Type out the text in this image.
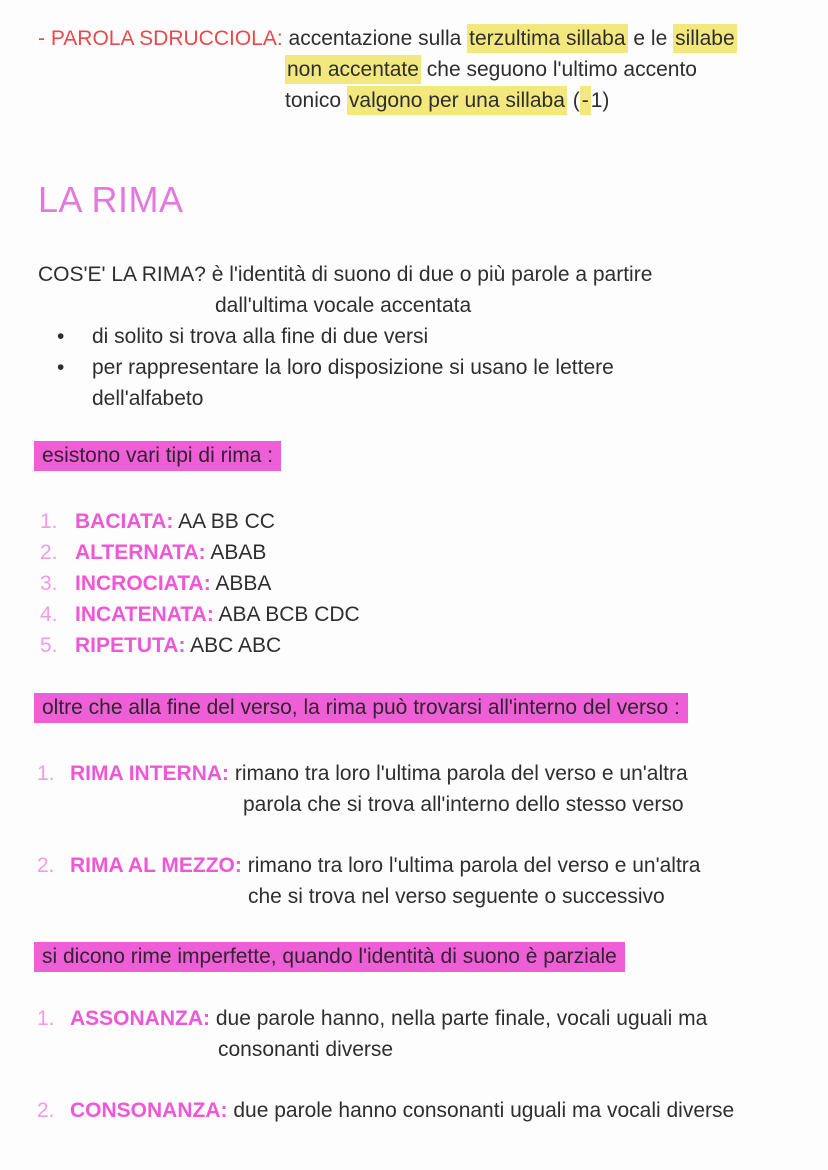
- PAROLA SDRUCCIOLA: accentazione sulla terzultima sillaba e le sillabe
non accentate che seguono l'ultimo accento
tonico valgono per una sillaba (-1)
LA RIMA
COS'E' LA RIMA? è l'identità di suono di due o più parole a partire
dall'ultima vocale accentata
• di solito si trova alla fine di due versi
• per rappresentare la loro disposizione si usano le lettere
dell'alfabeto
esistono vari tipi di rima :
1. BACIATA: AA BB CC
2. ALTERNATA: ABAB
3. INCROCIATA: ABBA
4. INCATENATA: ABA BCB CDC
5. RIPETUTA: ABC ABC
oltre che alla fine del verso, la rima può trovarsi all'interno del verso :
1. RIMA INTERNA: rimano tra loro l'ultima parola del verso e un'altra
parola che si trova all'interno dello stesso verso
2. RIMA AL MEZZO: rimano tra loro l'ultima parola del verso e un'altra
che si trova nel verso seguente o successivo
si dicono rime imperfette, quando l'identità di suono è parziale
1. ASSONANZA: due parole hanno, nella parte finale, vocali uguali ma
consonanti diverse
2. CONSONANZA: due parole hanno consonanti uguali ma vocali diverse
